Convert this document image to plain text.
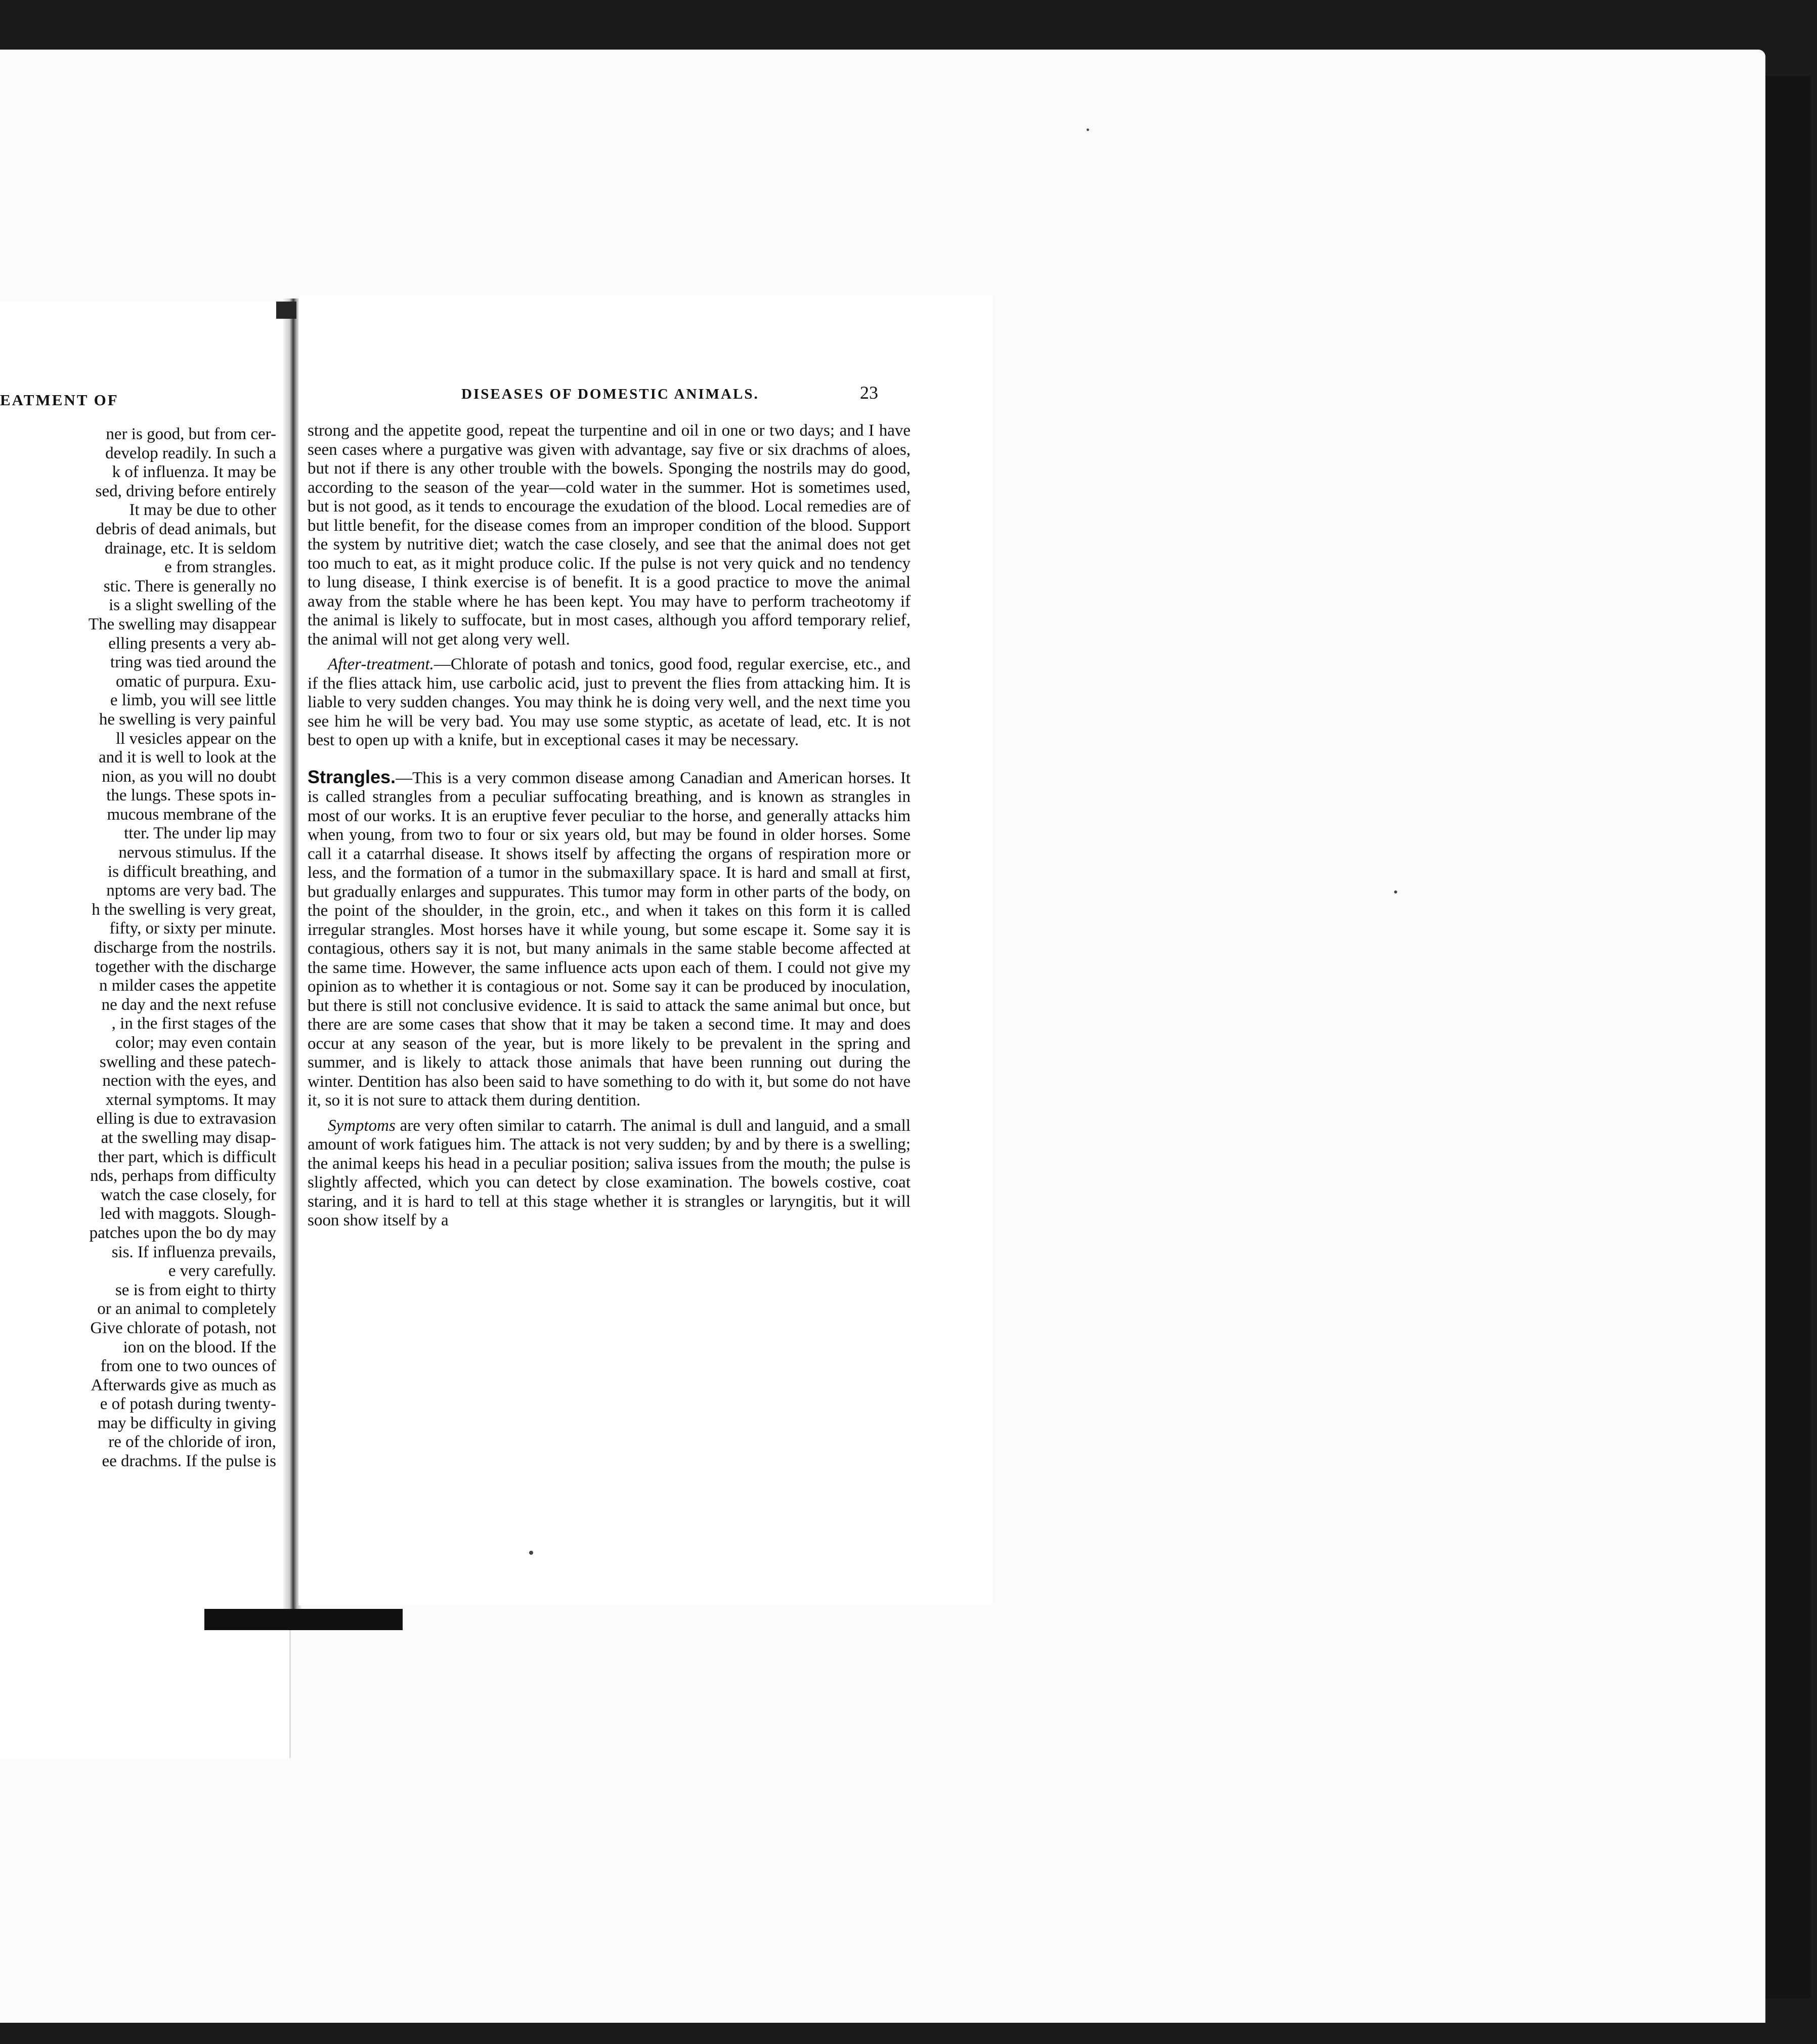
EATMENT OF
ner is good, but from cer-
develop readily. In such a
k of influenza. It may be
sed, driving before entirely
It may be due to other
debris of dead animals, but
drainage, etc. It is seldom
e from strangles.
stic. There is generally no
is a slight swelling of the
The swelling may disappear
elling presents a very ab-
tring was tied around the
omatic of purpura. Exu-
e limb, you will see little
he swelling is very painful
ll vesicles appear on the
and it is well to look at the
nion, as you will no doubt
the lungs. These spots in-
mucous membrane of the
tter. The under lip may
nervous stimulus. If the
is difficult breathing, and
nptoms are very bad. The
h the swelling is very great,
fifty, or sixty per minute.
discharge from the nostrils.
together with the discharge
n milder cases the appetite
ne day and the next refuse
, in the first stages of the
color; may even contain
swelling and these patech-
nection with the eyes, and
xternal symptoms. It may
elling is due to extravasion
at the swelling may disap-
ther part, which is difficult
nds, perhaps from difficulty
watch the case closely, for
led with maggots. Slough-
patches upon the bo dy may
sis. If influenza prevails,
e very carefully.
se is from eight to thirty
or an animal to completely
Give chlorate of potash, not
ion on the blood. If the
from one to two ounces of
Afterwards give as much as
e of potash during twenty-
may be difficulty in giving
re of the chloride of iron,
ee drachms. If the pulse is
DISEASES OF DOMESTIC ANIMALS.	23

strong and the appetite good, repeat the turpentine and oil in one or two days; and I have seen cases where a purgative was given with advantage, say five or six drachms of aloes, but not if there is any other trouble with the bowels. Sponging the nostrils may do good, according to the season of the year—cold water in the summer. Hot is sometimes used, but is not good, as it tends to encourage the exudation of the blood. Local remedies are of but little benefit, for the disease comes from an improper condition of the blood. Support the system by nutritive diet; watch the case closely, and see that the animal does not get too much to eat, as it might produce colic. If the pulse is not very quick and no tendency to lung disease, I think exercise is of benefit. It is a good practice to move the animal away from the stable where he has been kept. You may have to perform tracheotomy if the animal is likely to suffocate, but in most cases, although you afford temporary relief, the animal will not get along very well.

After-treatment.—Chlorate of potash and tonics, good food, regular exercise, etc., and if the flies attack him, use carbolic acid, just to prevent the flies from attacking him. It is liable to very sudden changes. You may think he is doing very well, and the next time you see him he will be very bad. You may use some styptic, as acetate of lead, etc. It is not best to open up with a knife, but in exceptional cases it may be necessary.

Strangles.—This is a very common disease among Canadian and American horses. It is called strangles from a peculiar suffocating breathing, and is known as strangles in most of our works. It is an eruptive fever peculiar to the horse, and generally attacks him when young, from two to four or six years old, but may be found in older horses. Some call it a catarrhal disease. It shows itself by affecting the organs of respiration more or less, and the formation of a tumor in the submaxillary space. It is hard and small at first, but gradually enlarges and suppurates. This tumor may form in other parts of the body, on the point of the shoulder, in the groin, etc., and when it takes on this form it is called irregular strangles. Most horses have it while young, but some escape it. Some say it is contagious, others say it is not, but many animals in the same stable become affected at the same time. However, the same influence acts upon each of them. I could not give my opinion as to whether it is contagious or not. Some say it can be produced by inoculation, but there is still not conclusive evidence. It is said to attack the same animal but once, but there are are some cases that show that it may be taken a second time. It may and does occur at any season of the year, but is more likely to be prevalent in the spring and summer, and is likely to attack those animals that have been running out during the winter. Dentition has also been said to have something to do with it, but some do not have it, so it is not sure to attack them during dentition.

Symptoms are very often similar to catarrh. The animal is dull and languid, and a small amount of work fatigues him. The attack is not very sudden; by and by there is a swelling; the animal keeps his head in a peculiar position; saliva issues from the mouth; the pulse is slightly affected, which you can detect by close examination. The bowels costive, coat staring, and it is hard to tell at this stage whether it is strangles or laryngitis, but it will soon show itself by a
